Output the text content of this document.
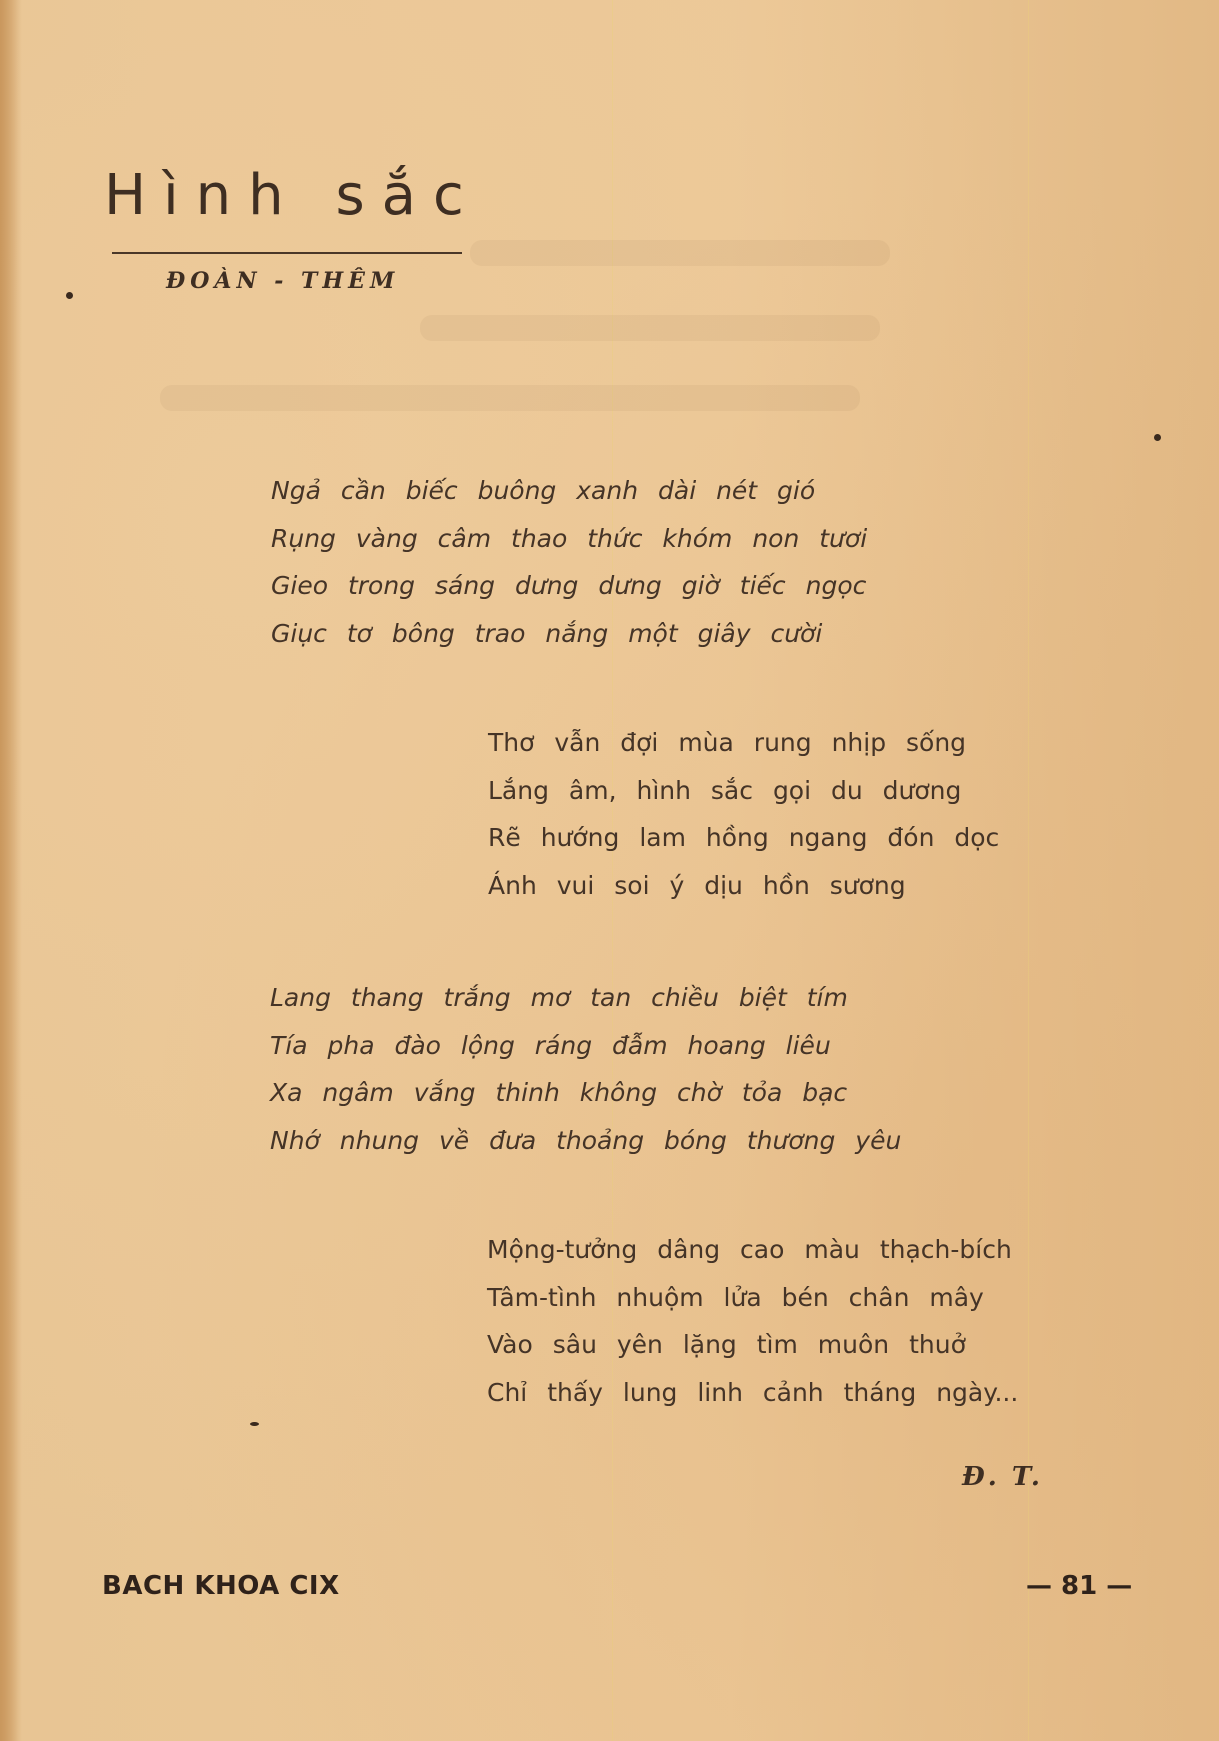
Hình sắc
ĐOÀN - THÊM
Ngả cần biếc buông xanh dài nét gió
Rụng vàng câm thao thức khóm non tươi
Gieo trong sáng dưng dưng giờ tiếc ngọc
Giục tơ bông trao nắng một giây cười
Thơ vẫn đợi mùa rung nhịp sống
Lắng âm, hình sắc gọi du dương
Rẽ hướng lam hồng ngang đón dọc
Ánh vui soi ý dịu hồn sương
Lang thang trắng mơ tan chiều biệt tím
Tía pha đào lộng ráng đẫm hoang liêu
Xa ngâm vắng thinh không chờ tỏa bạc
Nhớ nhung về đưa thoảng bóng thương yêu
Mộng-tưởng dâng cao màu thạch-bích
Tâm-tình nhuộm lửa bén chân mây
Vào sâu yên lặng tìm muôn thuở
Chỉ thấy lung linh cảnh tháng ngày...
Đ. T.
BACH KHOA CIX	— 81 —
